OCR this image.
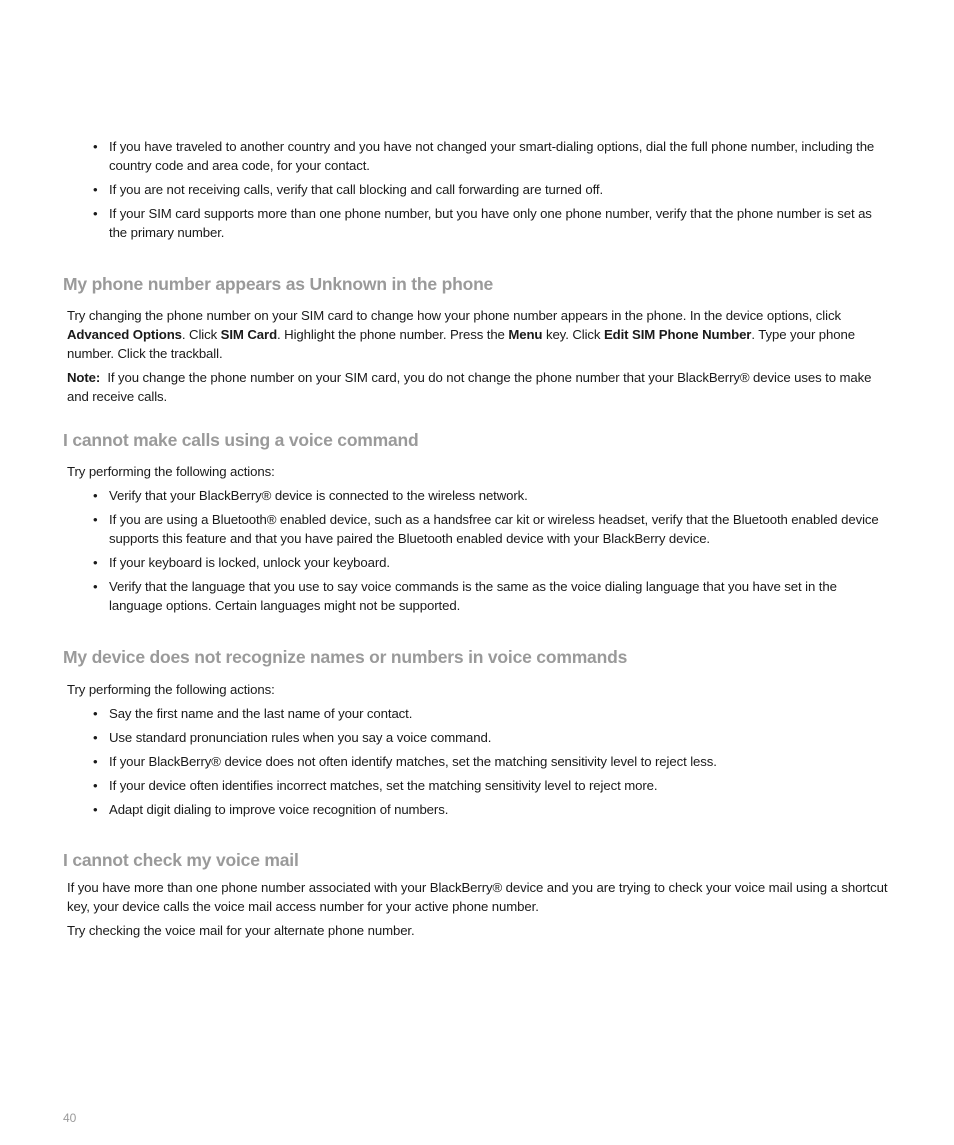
• If you have traveled to another country and you have not changed your smart-dialing options, dial the full phone number, including the country code and area code, for your contact.
• If you are not receiving calls, verify that call blocking and call forwarding are turned off.
• If your SIM card supports more than one phone number, but you have only one phone number, verify that the phone number is set as the primary number.
My phone number appears as Unknown in the phone

Try changing the phone number on your SIM card to change how your phone number appears in the phone. In the device options, click Advanced Options. Click SIM Card. Highlight the phone number. Press the Menu key. Click Edit SIM Phone Number. Type your phone number. Click the trackball.

Note:  If you change the phone number on your SIM card, you do not change the phone number that your BlackBerry® device uses to make and receive calls.

I cannot make calls using a voice command

Try performing the following actions:

• Verify that your BlackBerry® device is connected to the wireless network.
• If you are using a Bluetooth® enabled device, such as a handsfree car kit or wireless headset, verify that the Bluetooth enabled device supports this feature and that you have paired the Bluetooth enabled device with your BlackBerry device.
• If your keyboard is locked, unlock your keyboard.
• Verify that the language that you use to say voice commands is the same as the voice dialing language that you have set in the language options. Certain languages might not be supported.
My device does not recognize names or numbers in voice commands

Try performing the following actions:

• Say the first name and the last name of your contact.
• Use standard pronunciation rules when you say a voice command.
• If your BlackBerry® device does not often identify matches, set the matching sensitivity level to reject less.
• If your device often identifies incorrect matches, set the matching sensitivity level to reject more.
• Adapt digit dialing to improve voice recognition of numbers.
I cannot check my voice mail

If you have more than one phone number associated with your BlackBerry® device and you are trying to check your voice mail using a shortcut key, your device calls the voice mail access number for your active phone number.

Try checking the voice mail for your alternate phone number.

40
